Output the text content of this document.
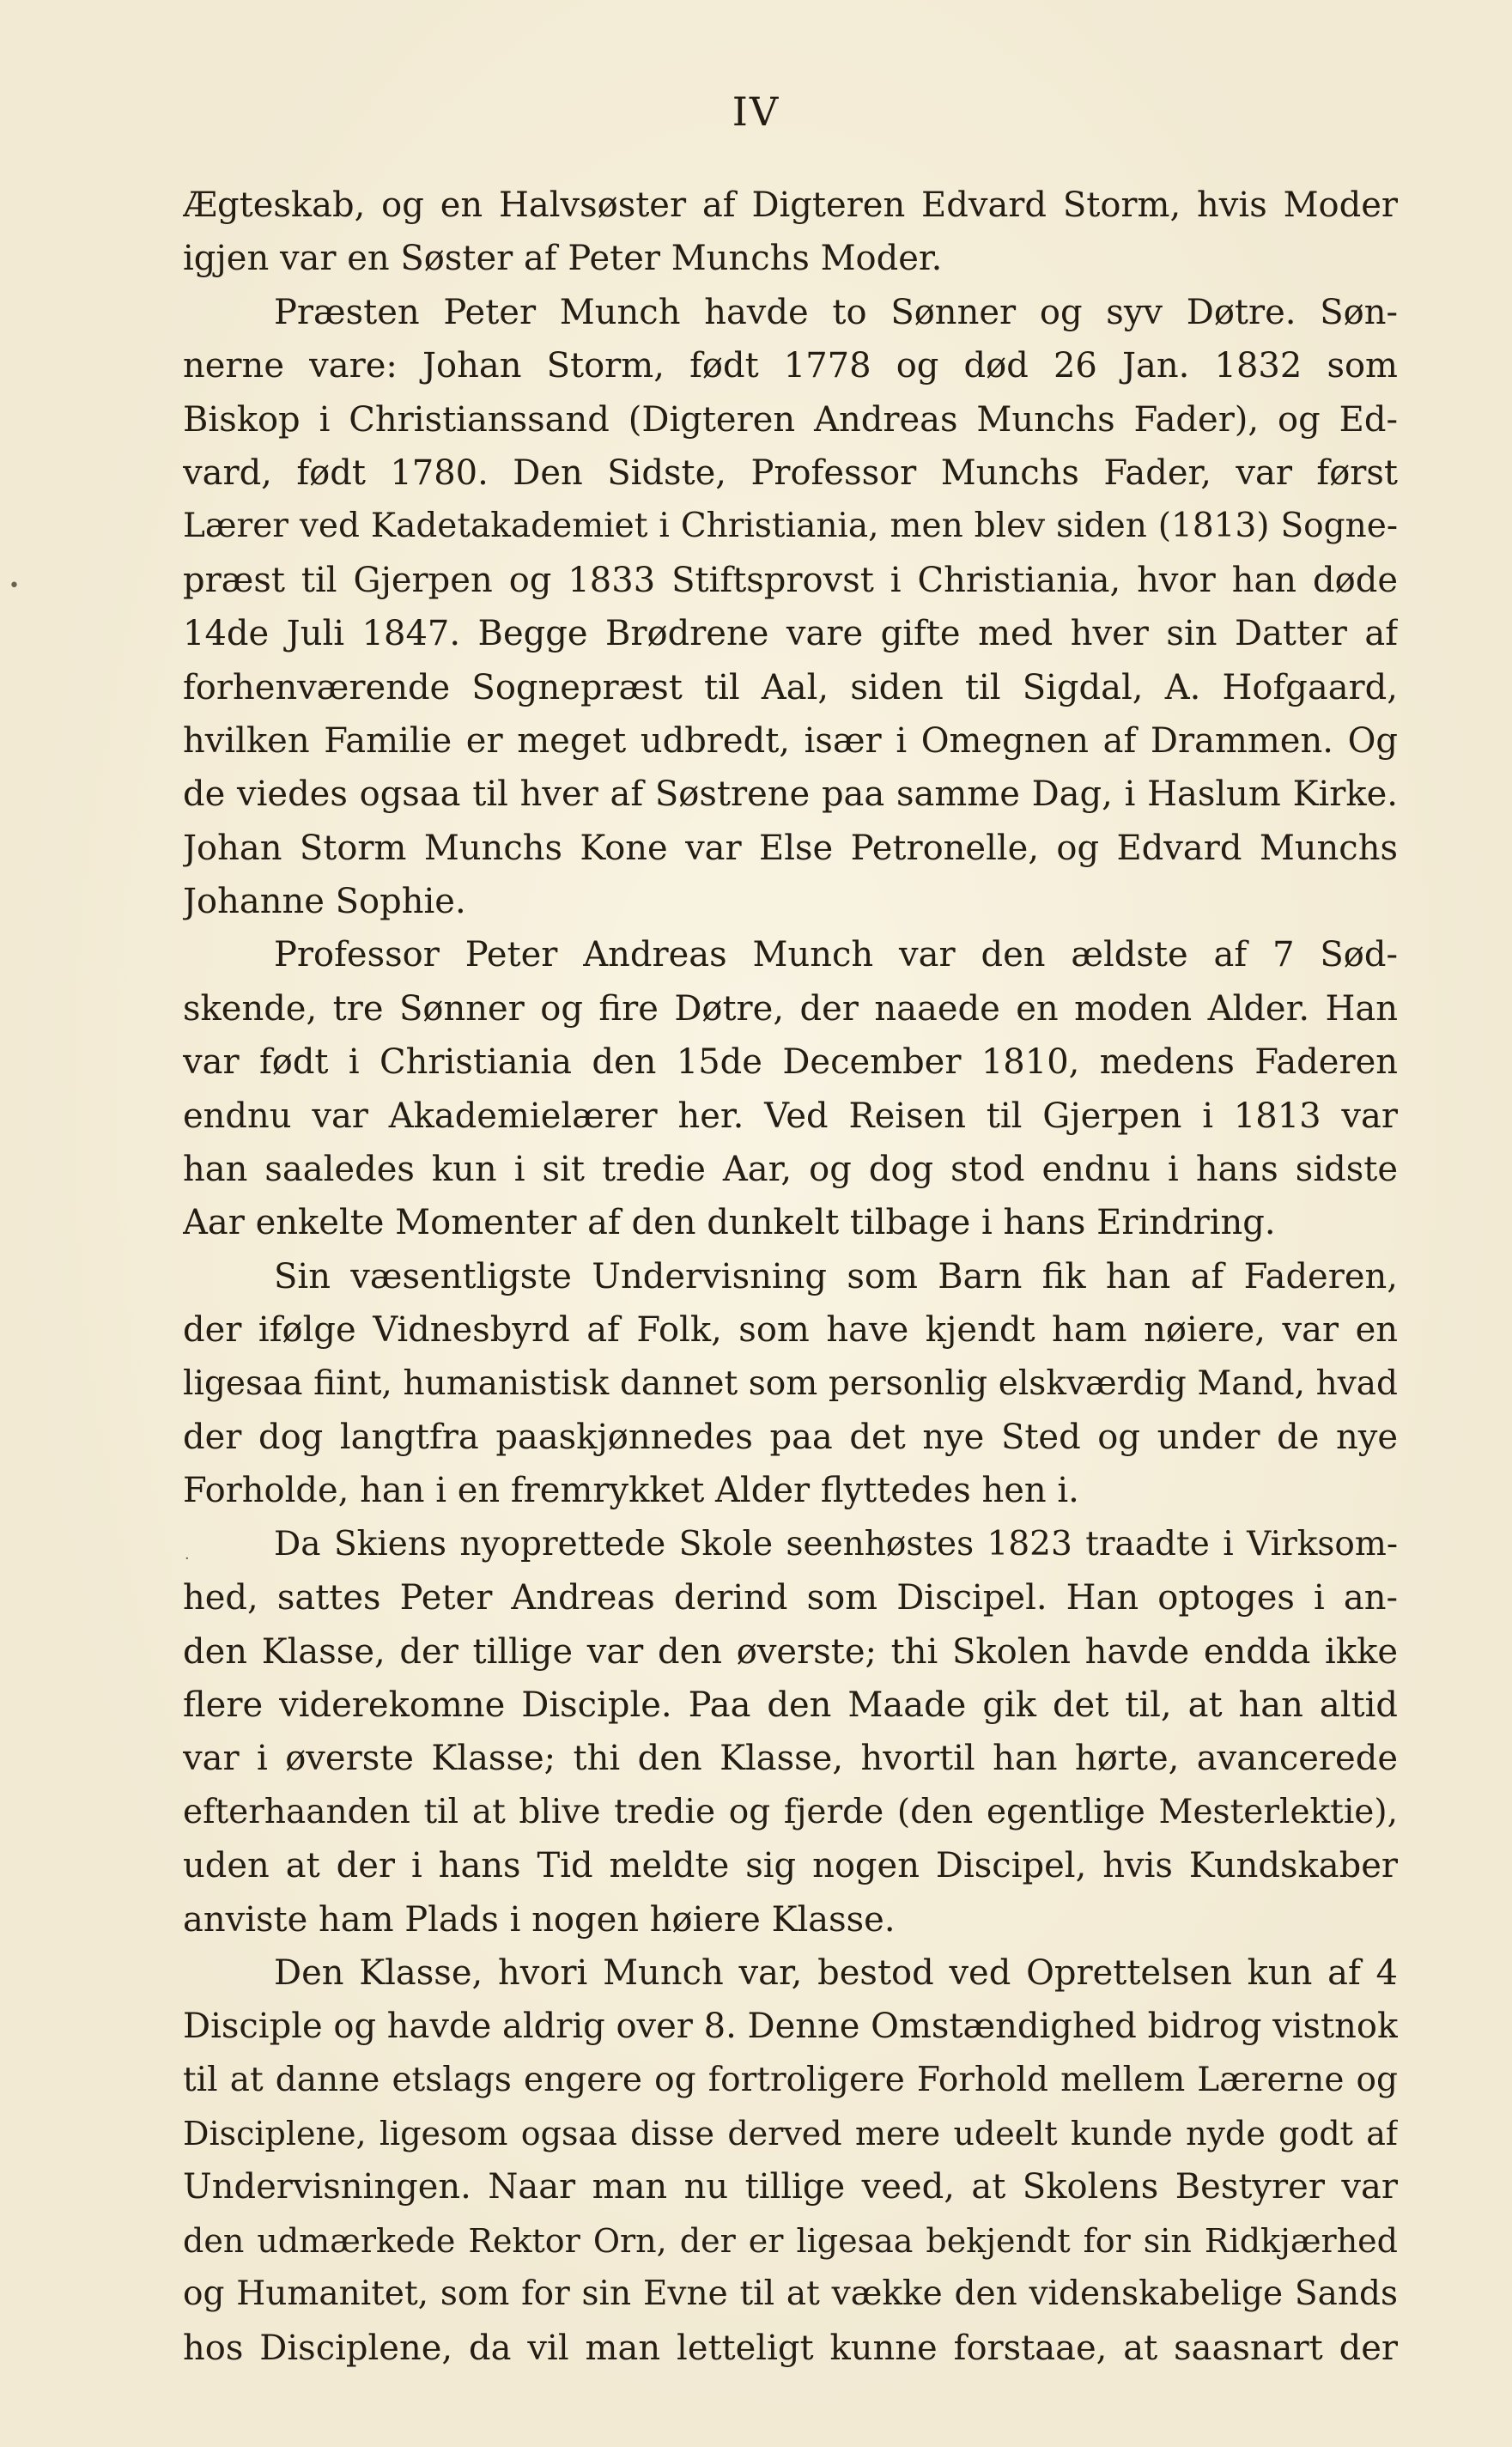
IV
•
·
Ægteskab, og en Halvsøster af Digteren Edvard Storm, hvis Moder
igjen var en Søster af Peter Munchs Moder.
Præsten Peter Munch havde to Sønner og syv Døtre. Søn-
nerne vare: Johan Storm, født 1778 og død 26 Jan. 1832 som
Biskop i Christianssand (Digteren Andreas Munchs Fader), og Ed-
vard, født 1780. Den Sidste, Professor Munchs Fader, var først
Lærer ved Kadetakademiet i Christiania, men blev siden (1813) Sogne-
præst til Gjerpen og 1833 Stiftsprovst i Christiania, hvor han døde
14de Juli 1847. Begge Brødrene vare gifte med hver sin Datter af
forhenværende Sognepræst til Aal, siden til Sigdal, A. Hofgaard,
hvilken Familie er meget udbredt, især i Omegnen af Drammen. Og
de viedes ogsaa til hver af Søstrene paa samme Dag, i Haslum Kirke.
Johan Storm Munchs Kone var Else Petronelle, og Edvard Munchs
Johanne Sophie.
Professor Peter Andreas Munch var den ældste af 7 Sød-
skende, tre Sønner og fire Døtre, der naaede en moden Alder. Han
var født i Christiania den 15de December 1810, medens Faderen
endnu var Akademielærer her. Ved Reisen til Gjerpen i 1813 var
han saaledes kun i sit tredie Aar, og dog stod endnu i hans sidste
Aar enkelte Momenter af den dunkelt tilbage i hans Erindring.
Sin væsentligste Undervisning som Barn fik han af Faderen,
der ifølge Vidnesbyrd af Folk, som have kjendt ham nøiere, var en
ligesaa fiint, humanistisk dannet som personlig elskværdig Mand, hvad
der dog langtfra paaskjønnedes paa det nye Sted og under de nye
Forholde, han i en fremrykket Alder flyttedes hen i.
Da Skiens nyoprettede Skole seenhøstes 1823 traadte i Virksom-
hed, sattes Peter Andreas derind som Discipel. Han optoges i an-
den Klasse, der tillige var den øverste; thi Skolen havde endda ikke
flere viderekomne Disciple. Paa den Maade gik det til, at han altid
var i øverste Klasse; thi den Klasse, hvortil han hørte, avancerede
efterhaanden til at blive tredie og fjerde (den egentlige Mesterlektie),
uden at der i hans Tid meldte sig nogen Discipel, hvis Kundskaber
anviste ham Plads i nogen høiere Klasse.
Den Klasse, hvori Munch var, bestod ved Oprettelsen kun af 4
Disciple og havde aldrig over 8. Denne Omstændighed bidrog vistnok
til at danne etslags engere og fortroligere Forhold mellem Lærerne og
Disciplene, ligesom ogsaa disse derved mere udeelt kunde nyde godt af
Undervisningen. Naar man nu tillige veed, at Skolens Bestyrer var
den udmærkede Rektor Orn, der er ligesaa bekjendt for sin Ridkjærhed
og Humanitet, som for sin Evne til at vække den videnskabelige Sands
hos Disciplene, da vil man letteligt kunne forstaae, at saasnart der
